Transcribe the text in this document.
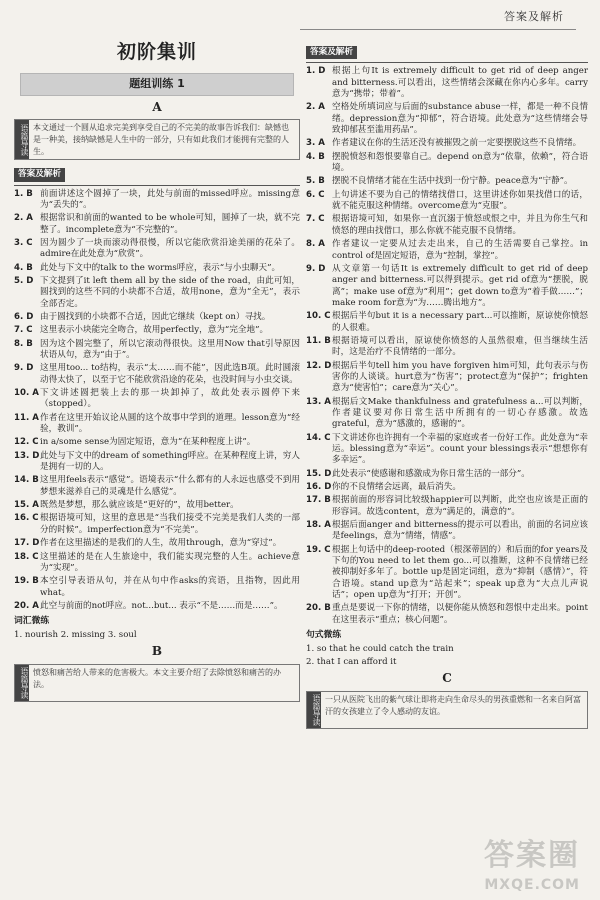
答案及解析
初阶集训
题组训练 1
A
语篇导读 本文通过一个圆从追求完美到享受自己的不完美的故事告诉我们：缺憾也是一种美，接纳缺憾是人生中的一部分，只有如此我们才能拥有完整的人生。
答案及解析
1. B 前面讲述这个圆掉了一块，此处与前面的missed呼应。missing意为“丢失的”。
2. A 根据常识和前面的wanted to be whole可知，圆掉了一块，就不完整了。incomplete意为“不完整的”。
3. C 因为圆少了一块而滚动得很慢，所以它能欣赏沿途美丽的花朵了。admire在此处意为“欣赏”。
4. B 此处与下文中的talk to the worms呼应，表示“与小虫聊天”。
5. D 下文提到了it left them all by the side of the road，由此可知，圆找到的这些不同的小块都不合适，故用none，意为“全无”，表示全部否定。
6. D 由于圆找到的小块都不合适，因此它继续（kept on）寻找。
7. C 这里表示小块能完全吻合，故用perfectly，意为“完全地”。
8. B 因为这个圆完整了，所以它滚动得很快。这里用Now that引导原因状语从句，意为“由于”。
9. D 这里用too... to结构，表示“太……而不能”，因此选B项。此时圆滚动得太快了，以至于它不能欣赏沿途的花朵，也没时间与小虫交谈。
10. A 下文讲述圆把装上去的那一块卸掉了，故此处表示圆停下来（stopped）。
11. A 作者在这里开始议论从圆的这个故事中学到的道理。lesson意为“经验，教训”。
12. C in a/some sense为固定短语，意为“在某种程度上讲”。
13. D 此处与下文中的dream of something呼应。在某种程度上讲，穷人是拥有一切的人。
14. B 这里用feels表示“感觉”。语境表示“什么都有的人永远也感受不到用梦想来滋养自己的灵魂是什么感觉”。
15. A 既然是梦想，那么就应该是“更好的”，故用better。
16. C 根据语境可知，这里的意思是“当我们接受不完美是我们人类的一部分的时候”。imperfection意为“不完美”。
17. D 作者在这里描述的是我们的人生，故用through，意为“穿过”。
18. C 这里描述的是在人生旅途中，我们能实现完整的人生。achieve意为“实现”。
19. B 本空引导表语从句，并在从句中作asks的宾语，且指物，因此用what。
20. A 此空与前面的not呼应。not...but... 表示“不是……而是……”。
词汇微练
1. nourish 2. missing 3. soul
B
语篇导读 愤怒和痛苦给人带来的危害极大。本文主要介绍了去除愤怒和痛苦的办法。
答案及解析
1. D 根据上句It is extremely difficult to get rid of deep anger and bitterness.可以看出，这些情绪会深藏在你内心多年。carry意为“携带；带着”。
2. A 空格处所填词应与后面的substance abuse一样，都是一种不良情绪。depression意为“抑郁”，符合语境。此处意为“这些情绪会导致抑郁甚至滥用药品”。
3. A 作者建议在你的生活还没有被摧毁之前一定要摆脱这些不良情绪。
4. B 摆脱愤怒和怨恨要靠自己。depend on意为“依靠，依赖”，符合语境。
5. B 摆脱不良情绪才能在生活中找到一份宁静。peace意为“宁静”。
6. C 上句讲述不要为自己的情绪找借口，这里讲述你如果找借口的话，就不能克服这种情绪。overcome意为“克服”。
7. C 根据语境可知，如果你一直沉溺于愤怒或恨之中，并且为你生气和愤怒的理由找借口，那么你就不能克服不良情绪。
8. A 作者建议一定要从过去走出来，自己的生活需要自己掌控。in control of是固定短语，意为“控制，掌控”。
9. D 从文章第一句话It is extremely difficult to get rid of deep anger and bitterness.可以得到提示。get rid of意为“摆脱，脱离”；make use of意为“利用”；get down to意为“着手做……”；make room for意为“为……腾出地方”。
10. C 根据后半句but it is a necessary part...可以推断，原谅使你愤怒的人很难。
11. B 根据语境可以看出，原谅使你愤怒的人虽然很难，但当继续生活时，这是治疗不良情绪的一部分。
12. D 根据后半句tell him you have forgiven him可知，此句表示与伤害你的人谈谈。hurt意为“伤害”；protect意为“保护”；frighten意为“使害怕”；care意为“关心”。
13. A 根据后文Make thankfulness and gratefulness a...可以判断，作者建议要对你日常生活中所拥有的一切心存感激。故选grateful，意为“感激的，感谢的”。
14. C 下文讲述你也许拥有一个幸福的家庭或者一份好工作。此处意为“幸运。blessing意为“幸运”。count your blessings表示“想想你有多幸运”。
15. D 此处表示“使感谢和感激成为你日常生活的一部分”。
16. D 你的不良情绪会远离，最后消失。
17. B 根据前面的形容词比较级happier可以判断，此空也应该是正面的形容词。故选content，意为“满足的，满意的”。
18. A 根据后面anger and bitterness的提示可以看出，前面的名词应该是feelings，意为“情绪，情感”。
19. C 根据上句话中的deep-rooted（根深蒂固的）和后面的for years及下句的You need to let them go...可以推断，这种不良情绪已经被抑制好多年了。bottle up是固定词组，意为“抑制（感情）”，符合语境。stand up意为“站起来”；speak up意为“大点儿声说话”；open up意为“打开；开创”。
20. B 重点是要说一下你的情绪，以便你能从愤怒和怨恨中走出来。point在这里表示“重点；核心问题”。
句式微练
1. so that he could catch the train
2. that I can afford it
C
语篇导读 一只从医院飞出的紫气球让即将走向生命尽头的男孩重燃和一名来自阿富汗的女孩建立了令人感动的友谊。
答案圈
MXQE.COM
